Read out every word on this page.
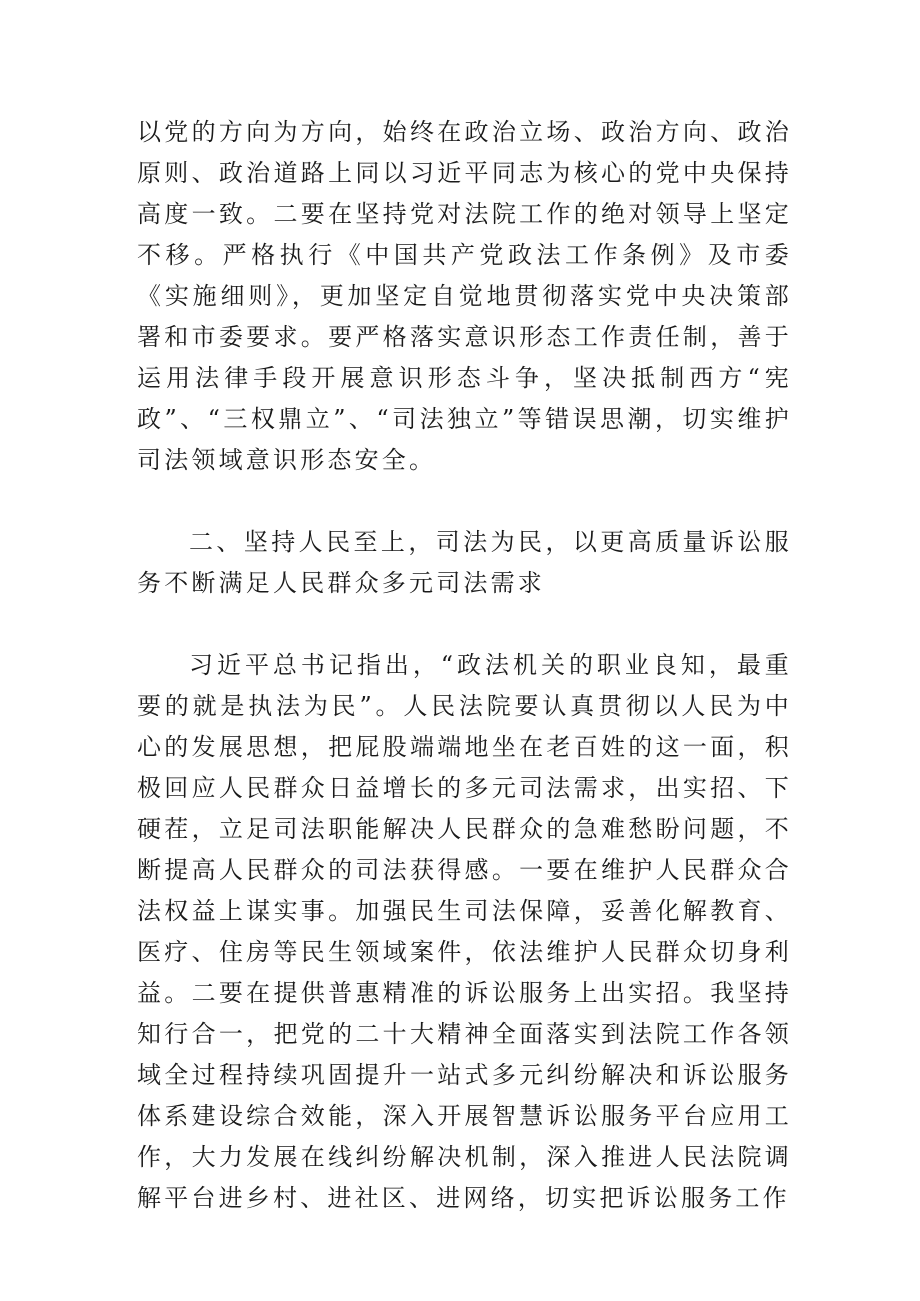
以党的方向为方向，始终在政治立场、政治方向、政治原则、政治道路上同以习近平同志为核心的党中央保持高度一致。二要在坚持党对法院工作的绝对领导上坚定不移。严格执行《中国共产党政法工作条例》及市委《实施细则》，更加坚定自觉地贯彻落实党中央决策部署和市委要求。要严格落实意识形态工作责任制，善于运用法律手段开展意识形态斗争，坚决抵制西方“宪政”、“三权鼎立”、“司法独立”等错误思潮，切实维护司法领域意识形态安全。

二、坚持人民至上，司法为民，以更高质量诉讼服务不断满足人民群众多元司法需求

习近平总书记指出，“政法机关的职业良知，最重要的就是执法为民”。人民法院要认真贯彻以人民为中心的发展思想，把屁股端端地坐在老百姓的这一面，积极回应人民群众日益增长的多元司法需求，出实招、下硬茬，立足司法职能解决人民群众的急难愁盼问题，不断提高人民群众的司法获得感。一要在维护人民群众合法权益上谋实事。加强民生司法保障，妥善化解教育、医疗、住房等民生领域案件，依法维护人民群众切身利益。二要在提供普惠精准的诉讼服务上出实招。我坚持知行合一，把党的二十大精神全面落实到法院工作各领域全过程持续巩固提升一站式多元纠纷解决和诉讼服务体系建设综合效能，深入开展智慧诉讼服务平台应用工作，大力发展在线纠纷解决机制，深入推进人民法院调解平台进乡村、进社区、进网络，切实把诉讼服务工作
